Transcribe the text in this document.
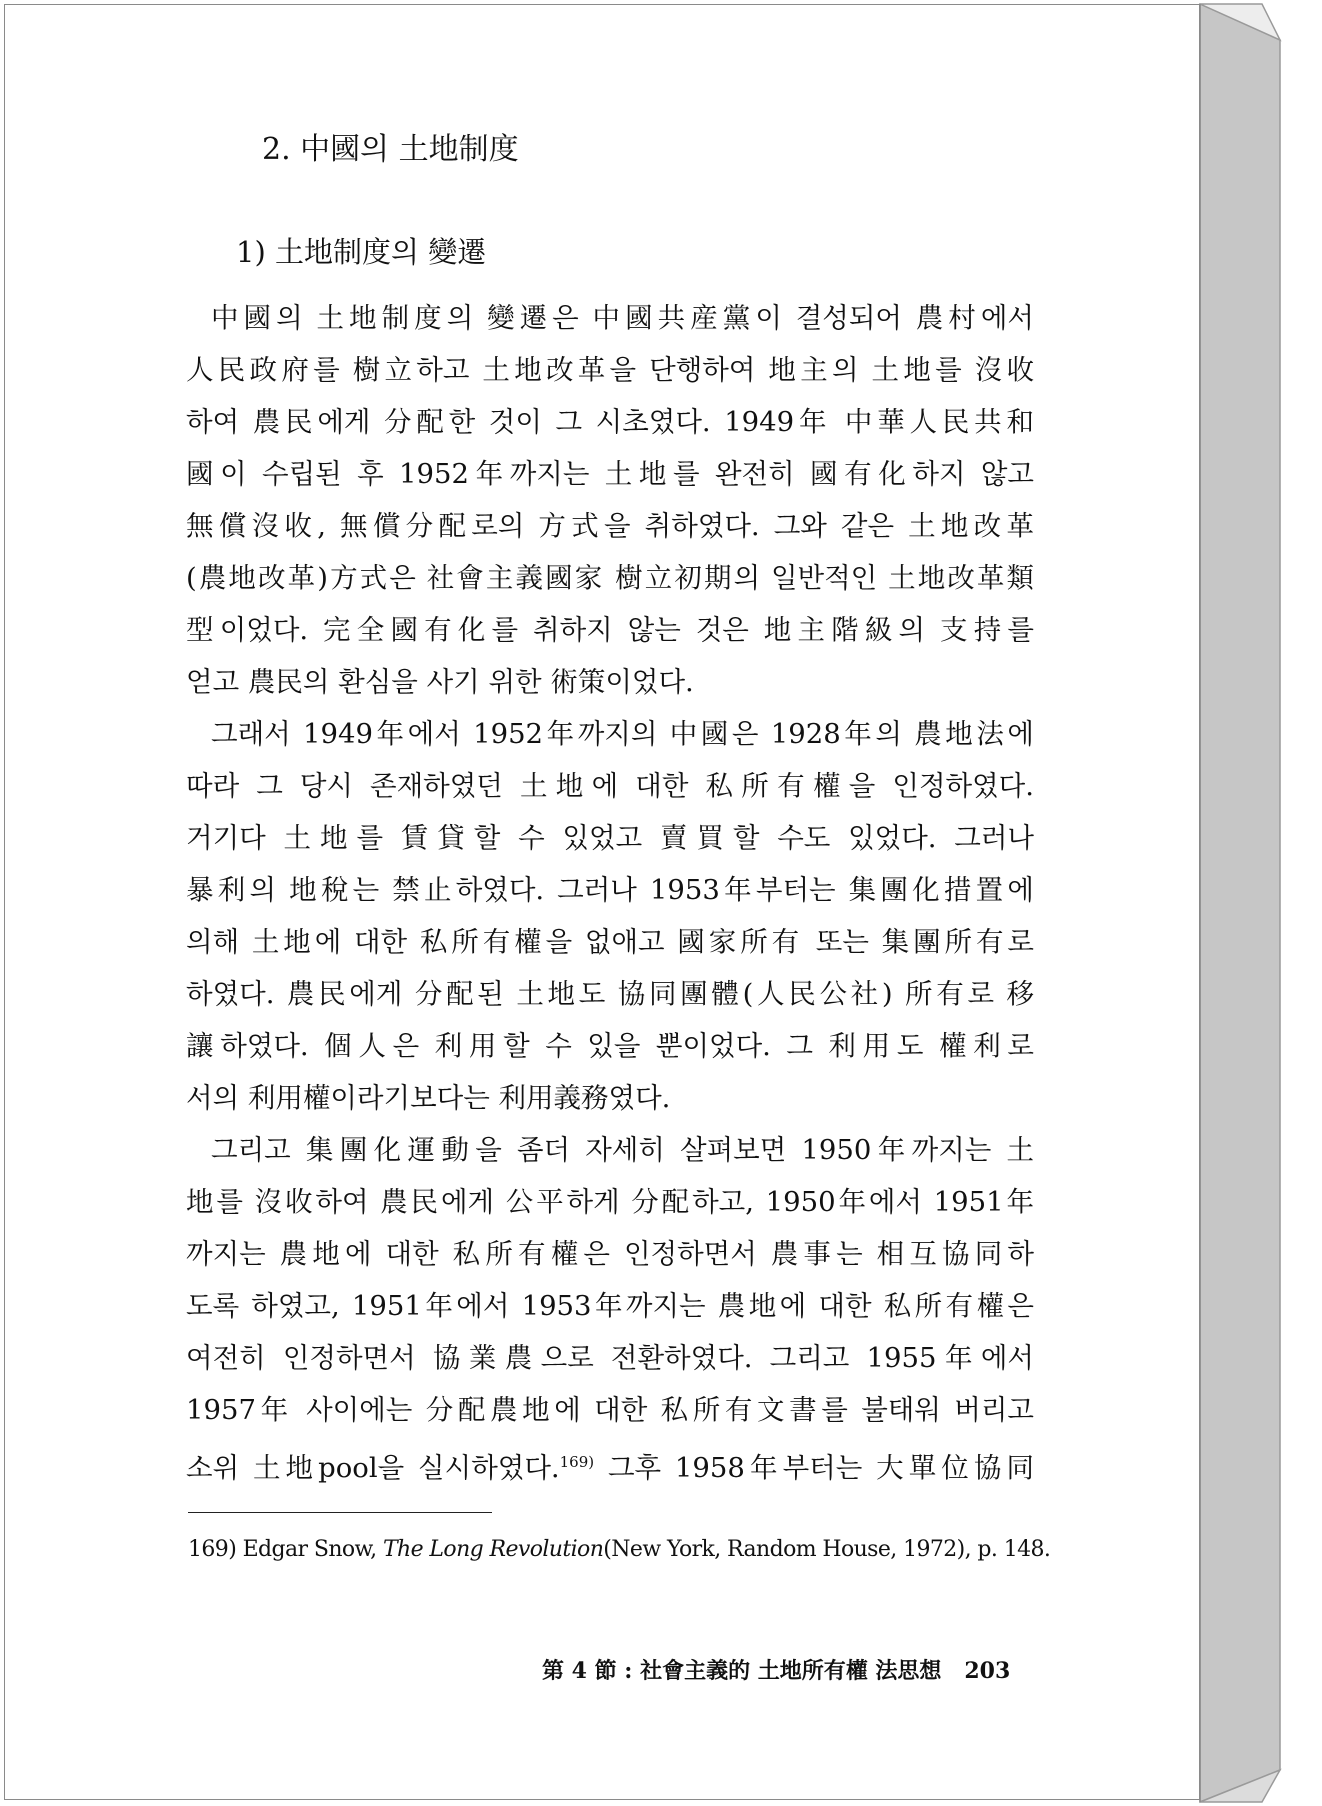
2. 中國의 土地制度
1) 土地制度의 變遷
中國의 土地制度의 變遷은 中國共産黨이 결성되어 農村에서
人民政府를 樹立하고 土地改革을 단행하여 地主의 土地를 沒收
하여 農民에게 分配한 것이 그 시초였다. 1949年 中華人民共和
國이 수립된 후 1952年까지는 土地를 완전히 國有化하지 않고
無償沒收, 無償分配로의 方式을 취하였다. 그와 같은 土地改革
(農地改革)方式은 社會主義國家 樹立初期의 일반적인 土地改革類
型이었다. 完全國有化를 취하지 않는 것은 地主階級의 支持를
얻고 農民의 환심을 사기 위한 術策이었다.
그래서 1949年에서 1952年까지의 中國은 1928年의 農地法에
따라 그 당시 존재하였던 土地에 대한 私所有權을 인정하였다.
거기다 土地를 賃貸할 수 있었고 賣買할 수도 있었다. 그러나
暴利의 地稅는 禁止하였다. 그러나 1953年부터는 集團化措置에
의해 土地에 대한 私所有權을 없애고 國家所有 또는 集團所有로
하였다. 農民에게 分配된 土地도 協同團體(人民公社) 所有로 移
讓하였다. 個人은 利用할 수 있을 뿐이었다. 그 利用도 權利로
서의 利用權이라기보다는 利用義務였다.
그리고 集團化運動을 좀더 자세히 살펴보면 1950年까지는 土
地를 沒收하여 農民에게 公平하게 分配하고, 1950年에서 1951年
까지는 農地에 대한 私所有權은 인정하면서 農事는 相互協同하
도록 하였고, 1951年에서 1953年까지는 農地에 대한 私所有權은
여전히 인정하면서 協業農으로 전환하였다. 그리고 1955年에서
1957年 사이에는 分配農地에 대한 私所有文書를 불태워 버리고
소위 土地pool을 실시하였다.$^{169)}$ 그후 1958年부터는 大單位協同
169) Edgar Snow, The Long Revolution(New York, Random House, 1972), p. 148.
第 4 節 : 社會主義的 土地所有權 法思想 203
